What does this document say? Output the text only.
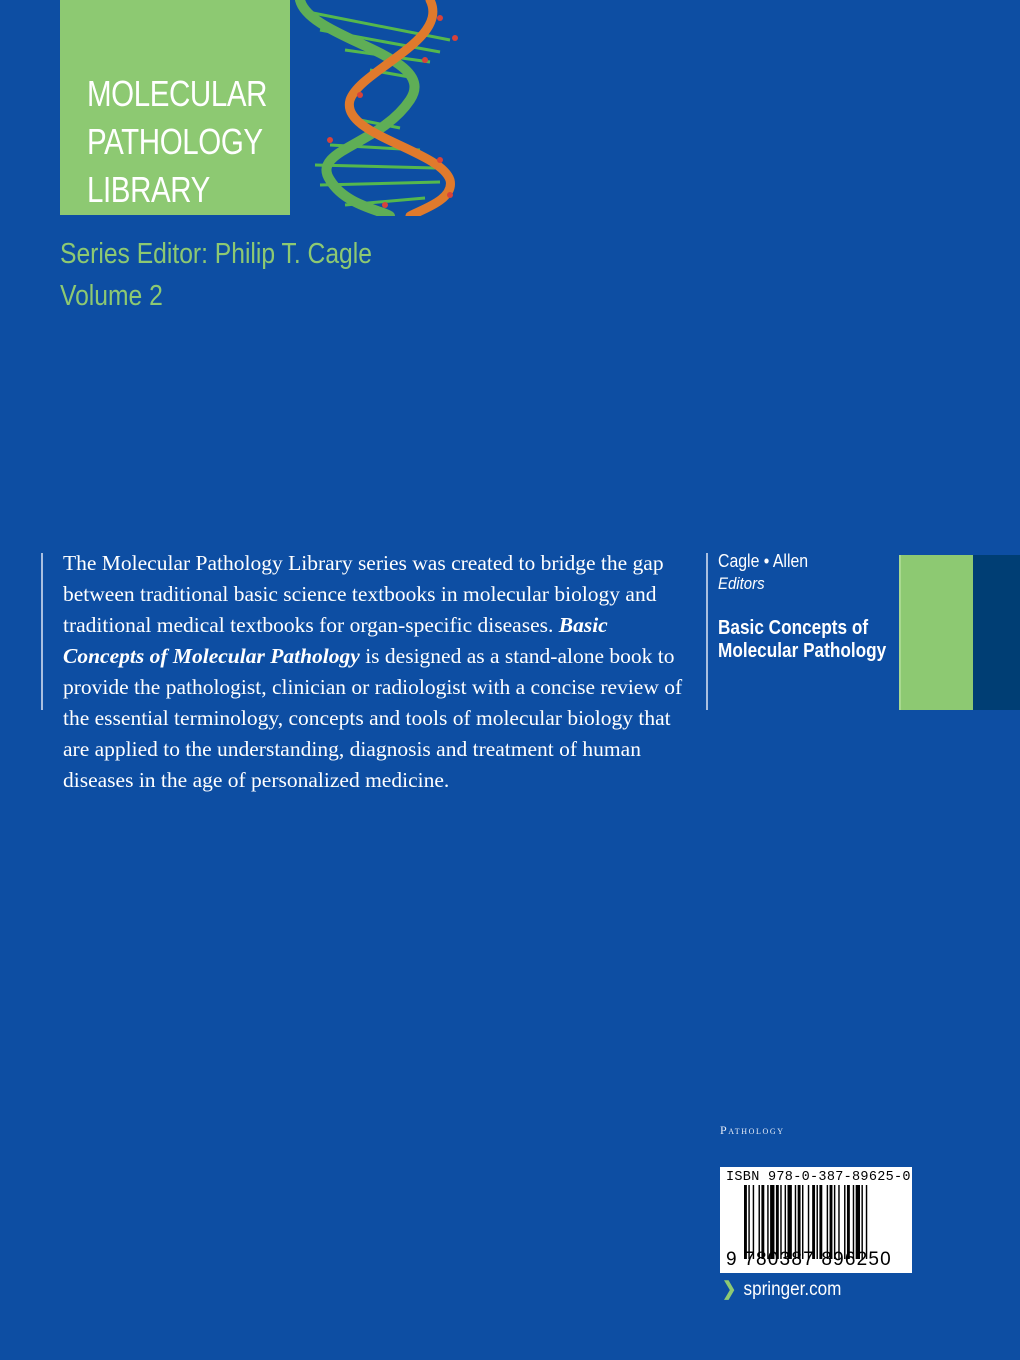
MOLECULAR
PATHOLOGY
LIBRARY
Series Editor: Philip T. Cagle
Volume 2
The Molecular Pathology Library series was created to bridge the gap between traditional basic science textbooks in molecular biology and traditional medical textbooks for organ-specific diseases. Basic Concepts of Molecular Pathology is designed as a stand-alone book to provide the pathologist, clinician or radiologist with a concise review of the essential terminology, concepts and tools of molecular biology that are applied to the understanding, diagnosis and treatment of human diseases in the age of personalized medicine.
Cagle • Allen
Editors
Basic Concepts of
Molecular Pathology
Pathology
ISBN 978-0-387-89625-0
9 780387 896250
❯ springer.com
